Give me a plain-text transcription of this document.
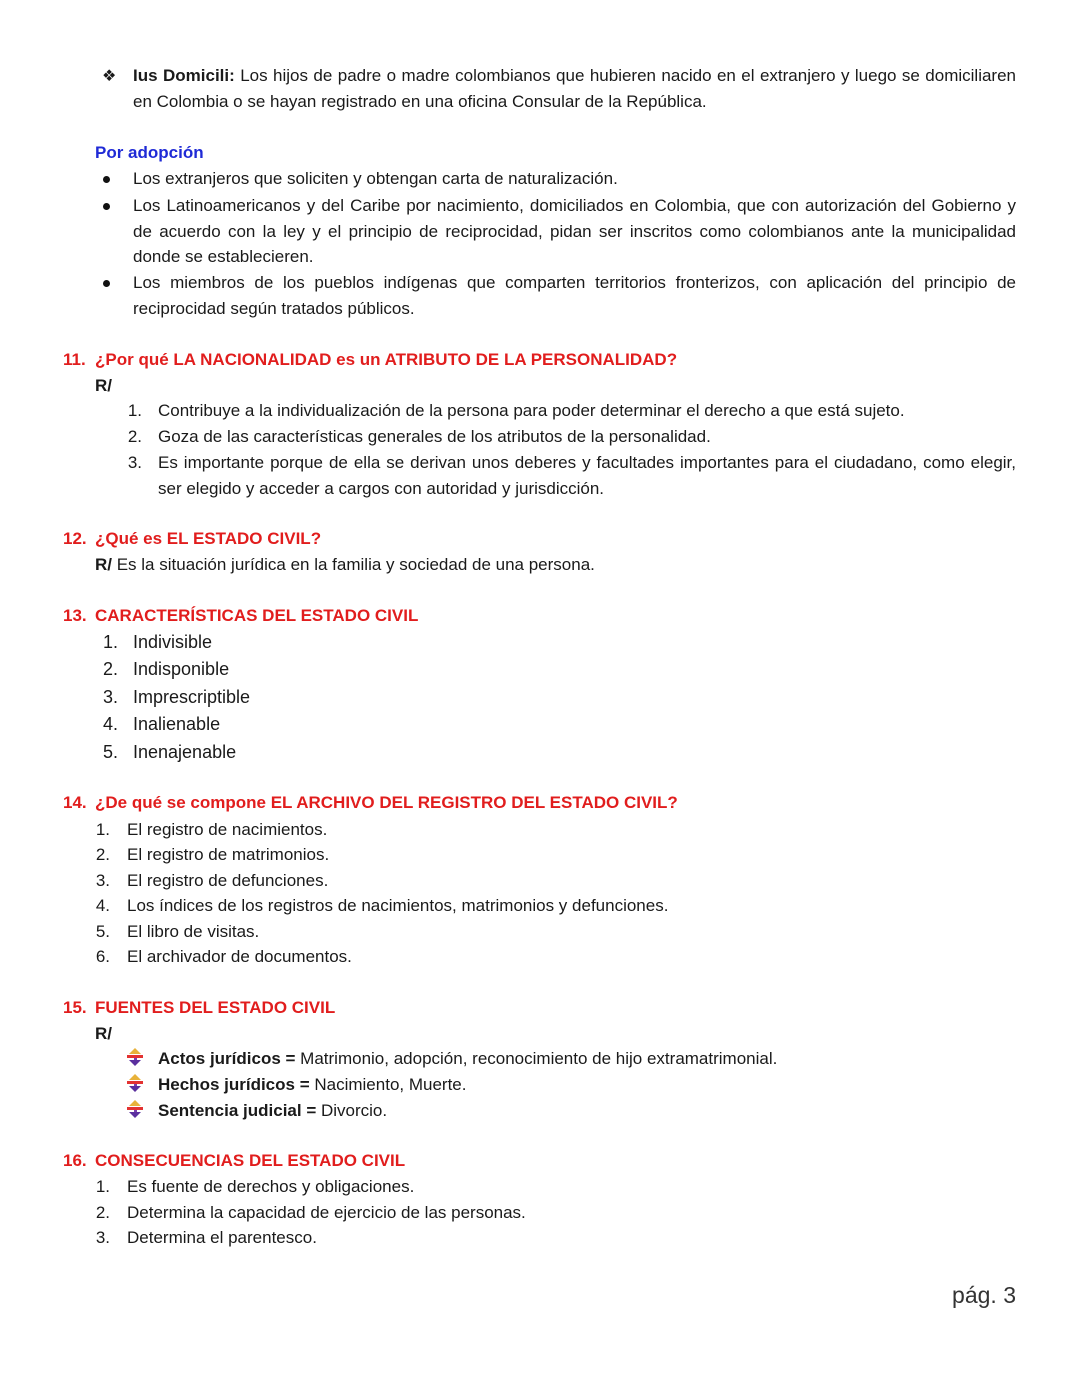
❖ Ius Domicili: Los hijos de padre o madre colombianos que hubieren nacido en el extranjero y luego se domiciliaren en Colombia o se hayan registrado en una oficina Consular de la República.
Por adopción
Los extranjeros que soliciten y obtengan carta de naturalización.
Los Latinoamericanos y del Caribe por nacimiento, domiciliados en Colombia, que con autorización del Gobierno y de acuerdo con la ley y el principio de reciprocidad, pidan ser inscritos como colombianos ante la municipalidad donde se establecieren.
Los miembros de los pueblos indígenas que comparten territorios fronterizos, con aplicación del principio de reciprocidad según tratados públicos.
11. ¿Por qué LA NACIONALIDAD es un ATRIBUTO DE LA PERSONALIDAD?
R/
1. Contribuye a la individualización de la persona para poder determinar el derecho a que está sujeto.
2. Goza de las características generales de los atributos de la personalidad.
3. Es importante porque de ella se derivan unos deberes y facultades importantes para el ciudadano, como elegir, ser elegido y acceder a cargos con autoridad y jurisdicción.
12. ¿Qué es EL ESTADO CIVIL?
R/ Es la situación jurídica en la familia y sociedad de una persona.
13. CARACTERÍSTICAS DEL ESTADO CIVIL
1. Indivisible
2. Indisponible
3. Imprescriptible
4. Inalienable
5. Inenajenable
14. ¿De qué se compone EL ARCHIVO DEL REGISTRO DEL ESTADO CIVIL?
1. El registro de nacimientos.
2. El registro de matrimonios.
3. El registro de defunciones.
4. Los índices de los registros de nacimientos, matrimonios y defunciones.
5. El libro de visitas.
6. El archivador de documentos.
15. FUENTES DEL ESTADO CIVIL
R/
Actos jurídicos = Matrimonio, adopción, reconocimiento de hijo extramatrimonial.
Hechos jurídicos = Nacimiento, Muerte.
Sentencia judicial = Divorcio.
16. CONSECUENCIAS DEL ESTADO CIVIL
1. Es fuente de derechos y obligaciones.
2. Determina la capacidad de ejercicio de las personas.
3. Determina el parentesco.
pág. 3
